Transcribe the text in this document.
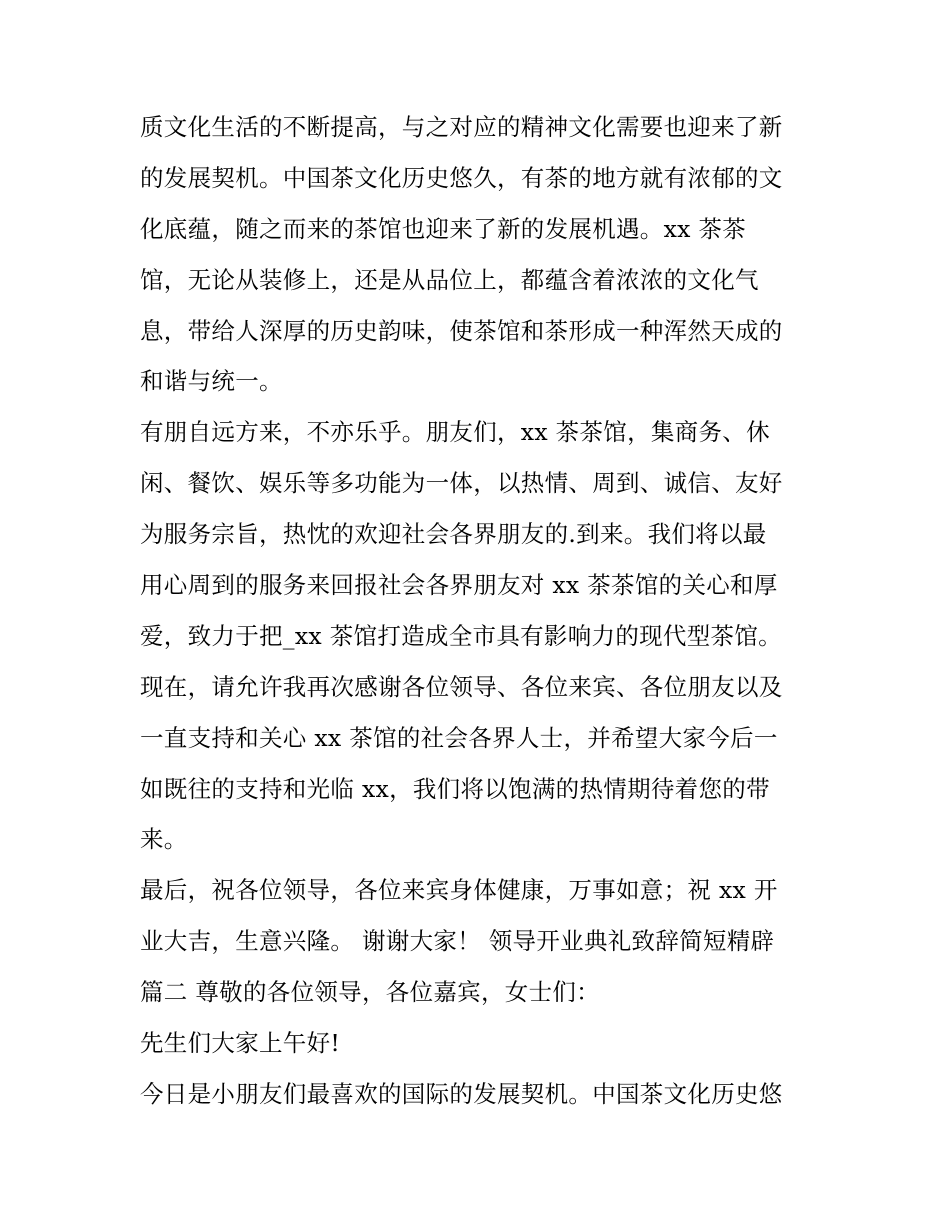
质文化生活的不断提高，与之对应的精神文化需要也迎来了新
的发展契机。中国茶文化历史悠久，有茶的地方就有浓郁的文
化底蕴，随之而来的茶馆也迎来了新的发展机遇。xx 茶茶
馆，无论从装修上，还是从品位上，都蕴含着浓浓的文化气
息，带给人深厚的历史韵味，使茶馆和茶形成一种浑然天成的
和谐与统一。
有朋自远方来，不亦乐乎。朋友们，xx 茶茶馆，集商务、休
闲、餐饮、娱乐等多功能为一体，以热情、周到、诚信、友好
为服务宗旨，热忱的欢迎社会各界朋友的.到来。我们将以最
用心周到的服务来回报社会各界朋友对 xx 茶茶馆的关心和厚
爱，致力于把_xx 茶馆打造成全市具有影响力的现代型茶馆。
现在，请允许我再次感谢各位领导、各位来宾、各位朋友以及
一直支持和关心 xx 茶馆的社会各界人士，并希望大家今后一
如既往的支持和光临 xx，我们将以饱满的热情期待着您的带
来。
最后，祝各位领导，各位来宾身体健康，万事如意；祝 xx 开
业大吉，生意兴隆。 谢谢大家！ 领导开业典礼致辞简短精辟
篇二 尊敬的各位领导，各位嘉宾，女士们：
先生们大家上午好!
今日是小朋友们最喜欢的国际的发展契机。中国茶文化历史悠
